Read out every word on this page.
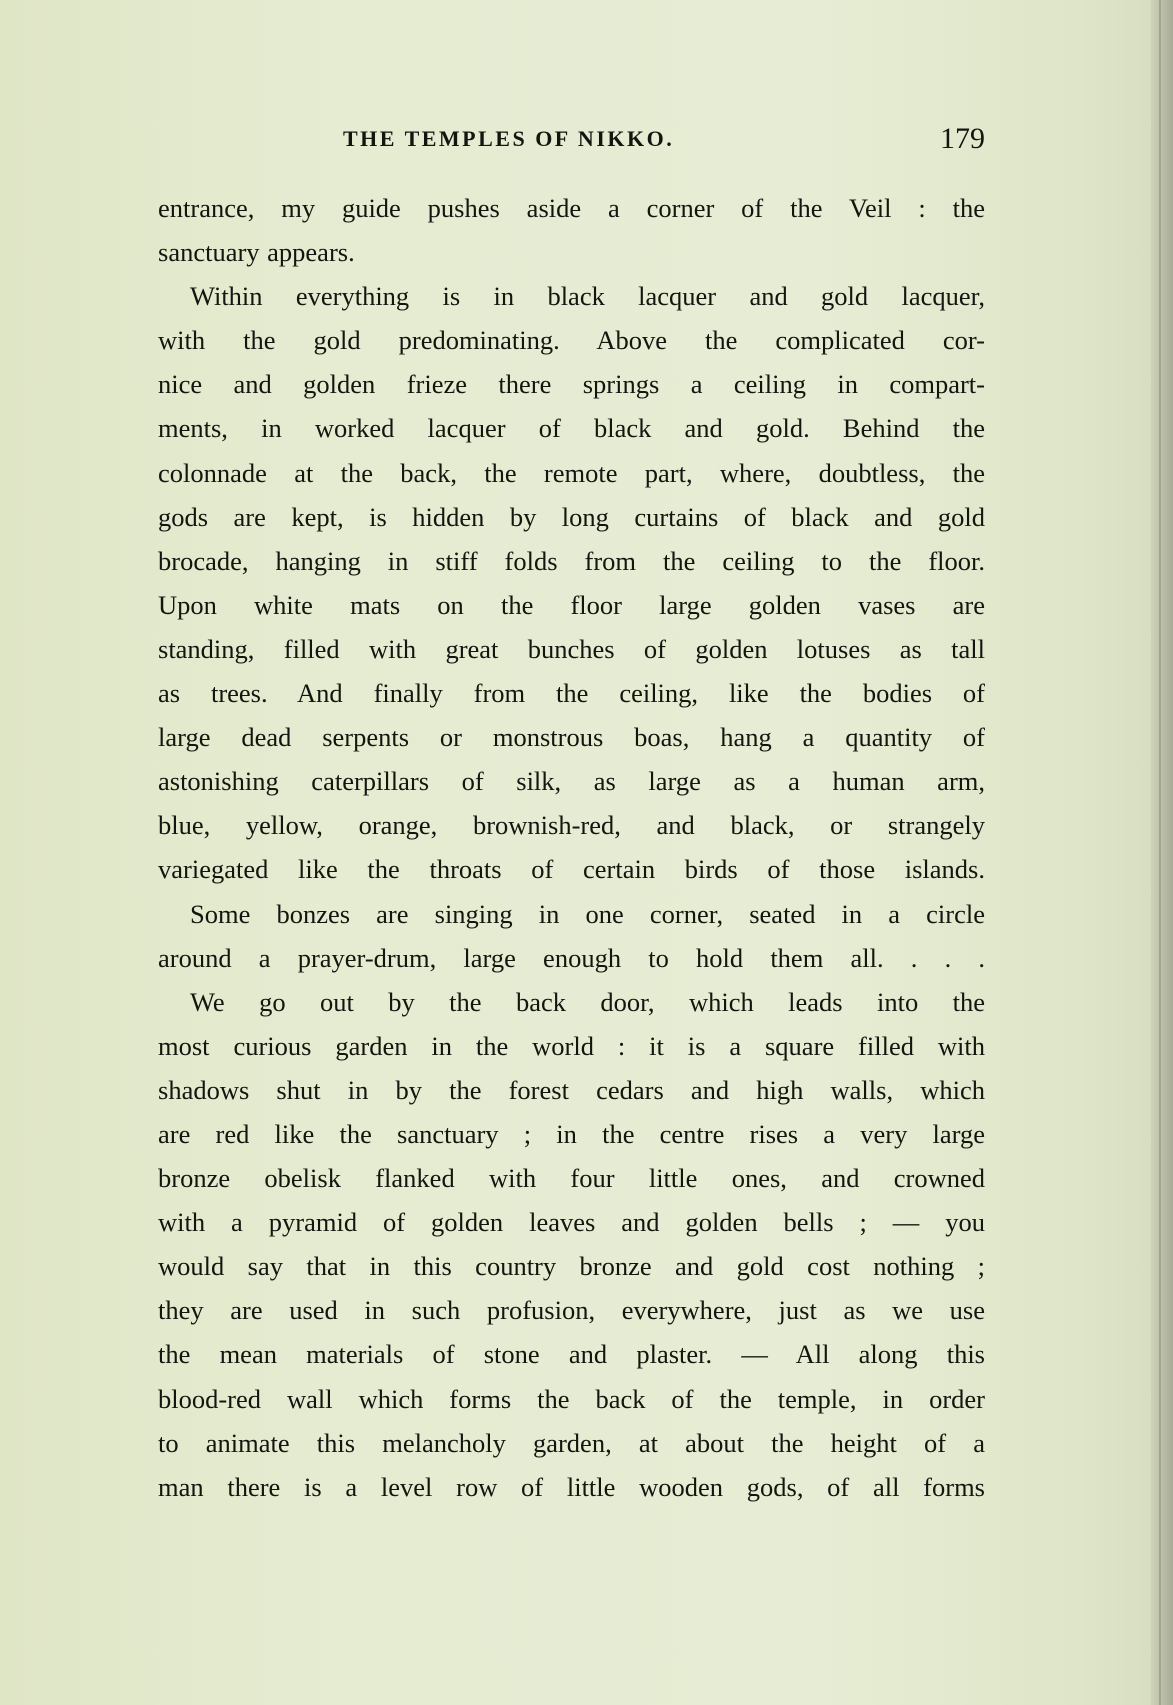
THE TEMPLES OF NIKKO.	179
entrance, my guide pushes aside a corner of the Veil : the
sanctuary appears.
Within everything is in black lacquer and gold lacquer,
with the gold predominating. Above the complicated cor-
nice and golden frieze there springs a ceiling in compart-
ments, in worked lacquer of black and gold. Behind the
colonnade at the back, the remote part, where, doubtless, the
gods are kept, is hidden by long curtains of black and gold
brocade, hanging in stiff folds from the ceiling to the floor.
Upon white mats on the floor large golden vases are
standing, filled with great bunches of golden lotuses as tall
as trees. And finally from the ceiling, like the bodies of
large dead serpents or monstrous boas, hang a quantity of
astonishing caterpillars of silk, as large as a human arm,
blue, yellow, orange, brownish-red, and black, or strangely
variegated like the throats of certain birds of those islands.
Some bonzes are singing in one corner, seated in a circle
around a prayer-drum, large enough to hold them all. . . .
We go out by the back door, which leads into the
most curious garden in the world : it is a square filled with
shadows shut in by the forest cedars and high walls, which
are red like the sanctuary ; in the centre rises a very large
bronze obelisk flanked with four little ones, and crowned
with a pyramid of golden leaves and golden bells ; — you
would say that in this country bronze and gold cost nothing ;
they are used in such profusion, everywhere, just as we use
the mean materials of stone and plaster. — All along this
blood-red wall which forms the back of the temple, in order
to animate this melancholy garden, at about the height of a
man there is a level row of little wooden gods, of all forms
